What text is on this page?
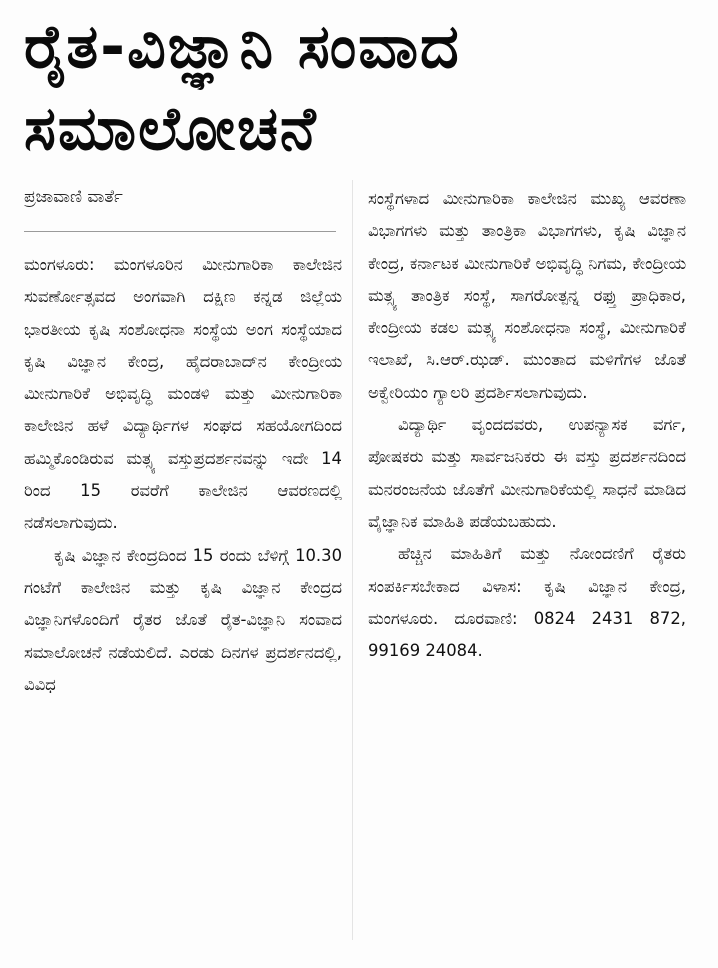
ರೈತ-ವಿಜ್ಞಾನಿ ಸಂವಾದ
ಸಮಾಲೋಚನೆ
ಪ್ರಜಾವಾಣಿ ವಾರ್ತೆ

ಮಂಗಳೂರು: ಮಂಗಳೂರಿನ ಮೀನುಗಾರಿಕಾ ಕಾಲೇಜಿನ ಸುವರ್ಣೋತ್ಸವದ ಅಂಗವಾಗಿ ದಕ್ಷಿಣ ಕನ್ನಡ ಜಿಲ್ಲೆಯ ಭಾರತೀಯ ಕೃಷಿ ಸಂಶೋಧನಾ ಸಂಸ್ಥೆಯ ಅಂಗ ಸಂಸ್ಥೆಯಾದ ಕೃಷಿ ವಿಜ್ಞಾನ ಕೇಂದ್ರ, ಹೈದರಾಬಾದ್‌ನ ಕೇಂದ್ರೀಯ ಮೀನುಗಾರಿಕೆ ಅಭಿವೃದ್ಧಿ ಮಂಡಳಿ ಮತ್ತು ಮೀನುಗಾರಿಕಾ ಕಾಲೇಜಿನ ಹಳೆ ವಿದ್ಯಾರ್ಥಿಗಳ ಸಂಘದ ಸಹಯೋಗದಿಂದ ಹಮ್ಮಿಕೊಂಡಿರುವ ಮತ್ಸ್ಯ ವಸ್ತುಪ್ರದರ್ಶನವನ್ನು ಇದೇ 14 ರಿಂದ 15 ರವರೆಗೆ ಕಾಲೇಜಿನ ಆವರಣದಲ್ಲಿ ನಡೆಸಲಾಗುವುದು.

ಕೃಷಿ ವಿಜ್ಞಾನ ಕೇಂದ್ರದಿಂದ 15 ರಂದು ಬೆಳಿಗ್ಗೆ 10.30 ಗಂಟೆಗೆ ಕಾಲೇಜಿನ ಮತ್ತು ಕೃಷಿ ವಿಜ್ಞಾನ ಕೇಂದ್ರದ ವಿಜ್ಞಾನಿಗಳೊಂದಿಗೆ ರೈತರ ಜೊತೆ ರೈತ-ವಿಜ್ಞಾನಿ ಸಂವಾದ ಸಮಾಲೋಚನೆ ನಡೆಯಲಿದೆ. ಎರಡು ದಿನಗಳ ಪ್ರದರ್ಶನದಲ್ಲಿ, ವಿವಿಧ

ಸಂಸ್ಥೆಗಳಾದ ಮೀನುಗಾರಿಕಾ ಕಾಲೇಜಿನ ಮುಖ್ಯ ಆವರಣಾ ವಿಭಾಗಗಳು ಮತ್ತು ತಾಂತ್ರಿಕಾ ವಿಭಾಗಗಳು, ಕೃಷಿ ವಿಜ್ಞಾನ ಕೇಂದ್ರ, ಕರ್ನಾಟಕ ಮೀನುಗಾರಿಕೆ ಅಭಿವೃದ್ಧಿ ನಿಗಮ, ಕೇಂದ್ರೀಯ ಮತ್ಸ್ಯ ತಾಂತ್ರಿಕ ಸಂಸ್ಥೆ, ಸಾಗರೋತ್ಪನ್ನ ರಫ್ತು ಪ್ರಾಧಿಕಾರ, ಕೇಂದ್ರೀಯ ಕಡಲ ಮತ್ಸ್ಯ ಸಂಶೋಧನಾ ಸಂಸ್ಥೆ, ಮೀನುಗಾರಿಕೆ ಇಲಾಖೆ, ಸಿ.ಆರ್.ಝಡ್. ಮುಂತಾದ ಮಳಿಗೆಗಳ ಜೊತೆ ಅಕ್ವೇರಿಯಂ ಗ್ಯಾಲರಿ ಪ್ರದರ್ಶಿಸಲಾಗುವುದು.

ವಿದ್ಯಾರ್ಥಿ ವೃಂದದವರು, ಉಪನ್ಯಾಸಕ ವರ್ಗ, ಪೋಷಕರು ಮತ್ತು ಸಾರ್ವಜನಿಕರು ಈ ವಸ್ತು ಪ್ರದರ್ಶನದಿಂದ ಮನರಂಜನೆಯ ಜೊತೆಗೆ ಮೀನುಗಾರಿಕೆಯಲ್ಲಿ ಸಾಧನೆ ಮಾಡಿದ ವೈಜ್ಞಾನಿಕ ಮಾಹಿತಿ ಪಡೆಯಬಹುದು.

ಹೆಚ್ಚಿನ ಮಾಹಿತಿಗೆ ಮತ್ತು ನೋಂದಣಿಗೆ ರೈತರು ಸಂಪರ್ಕಿಸಬೇಕಾದ ವಿಳಾಸ: ಕೃಷಿ ವಿಜ್ಞಾನ ಕೇಂದ್ರ, ಮಂಗಳೂರು. ದೂರವಾಣಿ: 0824 2431 872, 99169 24084.
